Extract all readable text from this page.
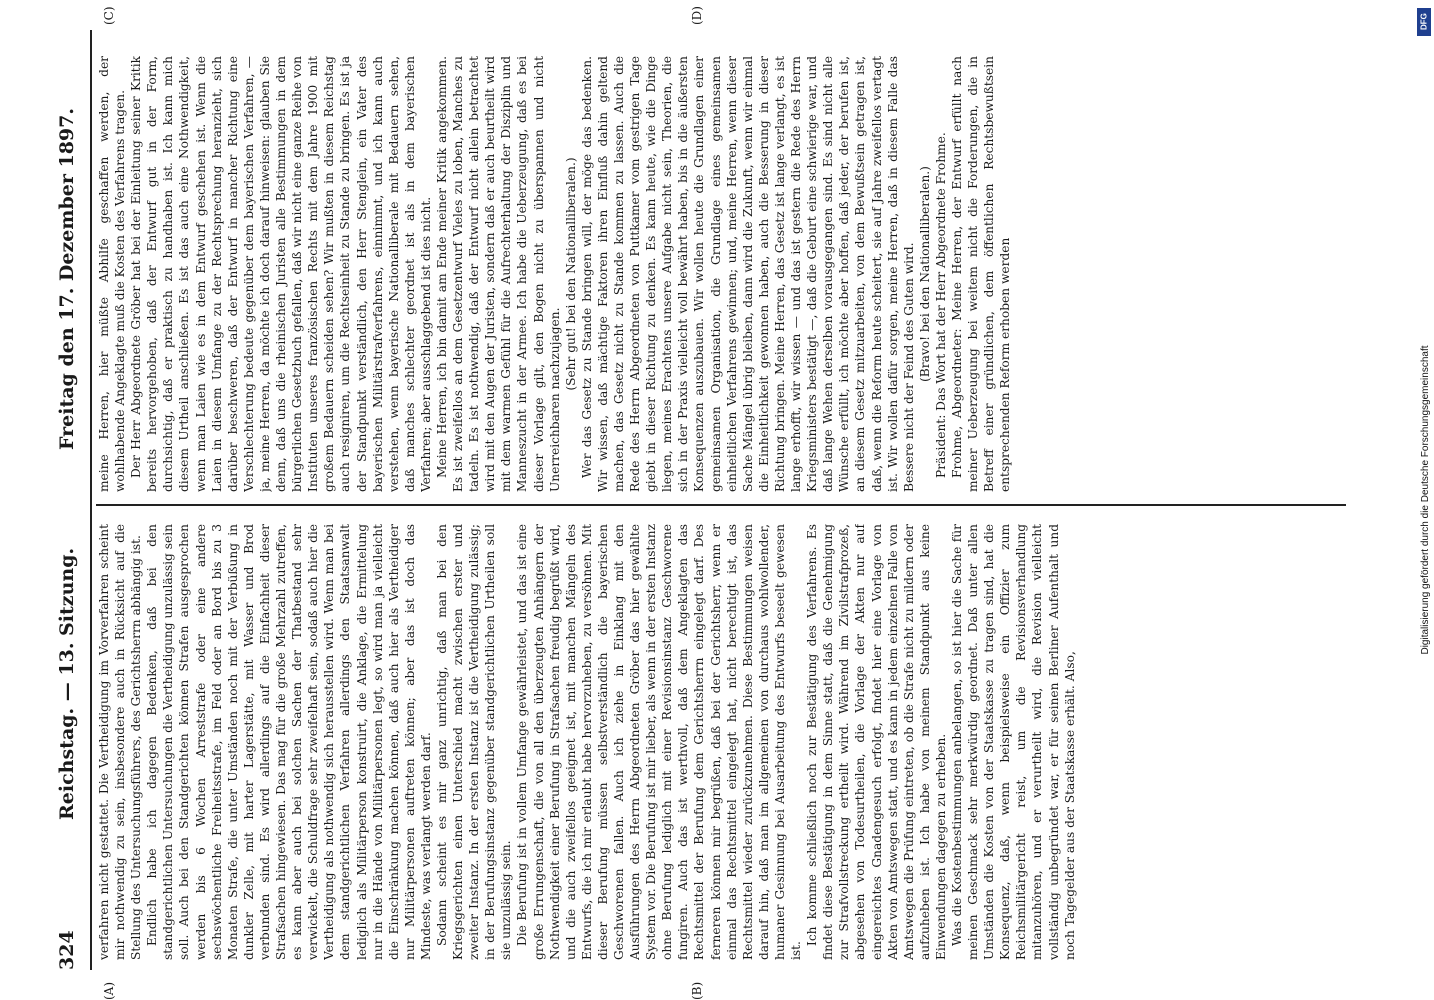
324
Reichstag. — 13. Sitzung.
Freitag den 17. Dezember 1897.
(A)	(B)
(C)	(D)

verfahren nicht gestattet. Die Vertheidigung im Vorverfahren scheint mir nothwendig zu sein, insbesondere auch in Rücksicht auf die Stellung des Untersuchungsführers, des Gerichtsherrn abhängig ist. Endlich habe ich dagegen Bedenken, daß bei den standgerichtlichen Untersuchungen die Vertheidigung unzulässig sein soll. Auch bei den Standgerichten können Strafen ausgesprochen werden bis 6 Wochen Arreststrafe oder eine andere sechswöchentliche Freiheitsstrafe, im Feld oder an Bord bis zu 3 Monaten Strafe, die unter Umständen noch mit der Verbüßung in dunkler Zelle, mit harter Lagerstätte, mit Wasser und Brod verbunden sind. Es wird allerdings auf die Einfachheit dieser Strafsachen hingewiesen. Das mag für die große Mehrzahl zutreffen, es kann aber auch bei solchen Sachen der Thatbestand sehr verwickelt, die Schuldfrage sehr zweifelhaft sein, sodaß auch hier die Vertheidigung als nothwendig sich herausstellen wird. Wenn man bei dem standgerichtlichen Verfahren allerdings den Staatsanwalt lediglich als Militärperson konstruirt, die Anklage, die Ermittelung nur in die Hände von Militärpersonen legt, so wird man ja vielleicht die Einschränkung machen können, daß auch hier als Vertheidiger nur Militärpersonen auftreten können; aber das ist doch das Mindeste, was verlangt werden darf. Sodann scheint es mir ganz unrichtig, daß man bei den Kriegsgerichten einen Unterschied macht zwischen erster und zweiter Instanz. In der ersten Instanz ist die Vertheidigung zulässig; in der Berufungsinstanz gegenüber standgerichtlichen Urtheilen soll sie unzulässig sein. Die Berufung ist in vollem Umfange gewährleistet, und das ist eine große Errungenschaft, die von all den überzeugten Anhängern der Nothwendigkeit einer Berufung in Strafsachen freudig begrüßt wird, und die auch zweifellos geeignet ist, mit manchen Mängeln des Entwurfs, die ich mir erlaubt habe hervorzuheben, zu versöhnen. Mit dieser Berufung müssen selbstverständlich die bayerischen Geschworenen fallen. Auch ich ziehe in Einklang mit den Ausführungen des Herrn Abgeordneten Gröber das hier gewählte System vor. Die Berufung ist mir lieber, als wenn in der ersten Instanz ohne Berufung lediglich mit einer Revisionsinstanz Geschworene fungiren. Auch das ist werthvoll, daß dem Angeklagten das Rechtsmittel der Berufung dem Gerichtsherrn eingelegt darf. Des ferneren können mir begrüßen, daß bei der Gerichtsherr, wenn er einmal das Rechtsmittel eingelegt hat, nicht berechtigt ist, das Rechtsmittel wieder zurückzunehmen. Diese Bestimmungen weisen darauf hin, daß man im allgemeinen von durchaus wohlwollender, humaner Gesinnung bei Ausarbeitung des Entwurfs beseelt gewesen ist.

Ich komme schließlich noch zur Bestätigung des Verfahrens. Es findet diese Bestätigung in dem Sinne statt, daß die Genehmigung zur Strafvollstreckung ertheilt wird. Während im Zivilstrafprozeß, abgesehen von Todesurtheilen, die Vorlage der Akten nur auf eingereichtes Gnadengesuch erfolgt, findet hier eine Vorlage von Akten von Amtswegen statt, und es kann in jedem einzelnen Falle von Amtswegen die Prüfung eintreten, ob die Strafe nicht zu mildern oder aufzuheben ist. Ich habe von meinem Standpunkt aus keine Einwendungen dagegen zu erheben. Was die Kostenbestimmungen anbelangen, so ist hier die Sache für meinen Geschmack sehr merkwürdig geordnet. Daß unter allen Umständen die Kosten von der Staatskasse zu tragen sind, hat die Konsequenz, daß, wenn beispielsweise ein Offizier zum Reichsmilitärgericht reist, um die Revisionsverhandlung mitanzuhören, und er verurtheilt wird, die Revision vielleicht vollständig unbegründet war, er für seinen Berliner Aufenthalt und noch Tagegelder aus der Staatskasse erhält. Also,

meine Herren, hier müßte Abhilfe geschaffen werden, der wohlhabende Angeklagte muß die Kosten des Verfahrens tragen. Der Herr Abgeordnete Gröber hat bei der Einleitung seiner Kritik bereits hervorgehoben, daß der Entwurf gut in der Form, durchsichtig, daß er praktisch zu handhaben ist. Ich kann mich diesem Urtheil anschließen. Es ist das auch eine Nothwendigkeit, wenn man Laien wie es in dem Entwurf geschehen ist. Wenn die Laien in diesem Umfange zu der Rechtsprechung heranzieht, sich darüber beschweren, daß der Entwurf in mancher Richtung eine Verschlechterung bedeute gegenüber dem bayerischen Verfahren, — ja, meine Herren, da möchte ich doch darauf hinweisen: glauben Sie denn, daß uns die rheinischen Juristen alle Bestimmungen in dem bürgerlichen Gesetzbuch gefallen, daß wir nicht eine ganze Reihe von Instituten unseres französischen Rechts mit dem Jahre 1900 mit großem Bedauern scheiden sehen? Wir mußten in diesem Reichstag auch resigniren, um die Rechtseinheit zu Stande zu bringen. Es ist ja der Standpunkt verständlich, den Herr Stenglein, ein Vater des bayerischen Militärstrafverfahrens, einnimmt, und ich kann auch verstehen, wenn bayerische Nationalliberale mit Bedauern sehen, daß manches schlechter geordnet ist als in dem bayerischen Verfahren; aber ausschlaggebend ist dies nicht. Meine Herren, ich bin damit am Ende meiner Kritik angekommen. Es ist zweifellos an dem Gesetzentwurf Vieles zu loben, Manches zu tadeln. Es ist nothwendig, daß der Entwurf nicht allein betrachtet wird mit den Augen der Juristen, sondern daß er auch beurtheilt wird mit dem warmen Gefühl für die Aufrechterhaltung der Disziplin und Manneszucht in der Armee. Ich habe die Ueberzeugung, daß es bei dieser Vorlage gilt, den Bogen nicht zu überspannen und nicht Unerreichbaren nachzujagen.

(Sehr gut! bei den Nationalliberalen.) Wer das Gesetz zu Stande bringen will, der möge das bedenken. Wir wissen, daß mächtige Faktoren ihren Einfluß dahin geltend machen, das Gesetz nicht zu Stande kommen zu lassen. Auch die Rede des Herrn Abgeordneten von Puttkamer vom gestrigen Tage giebt in dieser Richtung zu denken. Es kann heute, wie die Dinge liegen, meines Erachtens unsere Aufgabe nicht sein, Theorien, die sich in der Praxis vielleicht voll bewährt haben, bis in die äußersten Konsequenzen auszubauen. Wir wollen heute die Grundlagen einer gemeinsamen Organisation, die Grundlage eines gemeinsamen einheitlichen Verfahrens gewinnen; und, meine Herren, wenn dieser Sache Mängel übrig bleiben, dann wird die Zukunft, wenn wir einmal die Einheitlichkeit gewonnen haben, auch die Besserung in dieser Richtung bringen. Meine Herren, das Gesetz ist lange verlangt, es ist lange erhofft, wir wissen — und das ist gestern die Rede des Herrn Kriegsministers bestätigt —, daß die Geburt eine schwierige war, und daß lange Wehen derselben vorausgegangen sind. Es sind nicht alle Wünsche erfüllt, ich möchte aber hoffen, daß jeder, der berufen ist, an diesem Gesetz mitzuarbeiten, von dem Bewußtsein getragen ist, daß, wenn die Reform heute scheitert, sie auf Jahre zweifellos vertagt ist. Wir wollen dafür sorgen, meine Herren, daß in diesem Falle das Bessere nicht der Feind des Guten wird. (Bravo! bei den Nationalliberalen.) Präsident: Das Wort hat der Herr Abgeordnete Frohme. Frohme, Abgeordneter: Meine Herren, der Entwurf erfüllt nach meiner Ueberzeugung bei weitem nicht die Forderungen, die in Betreff einer gründlichen, dem öffentlichen Rechtsbewußtsein entsprechenden Reform erhoben werden

DFG
Digitalisierung gefördert durch die Deutsche Forschungsgemeinschaft
